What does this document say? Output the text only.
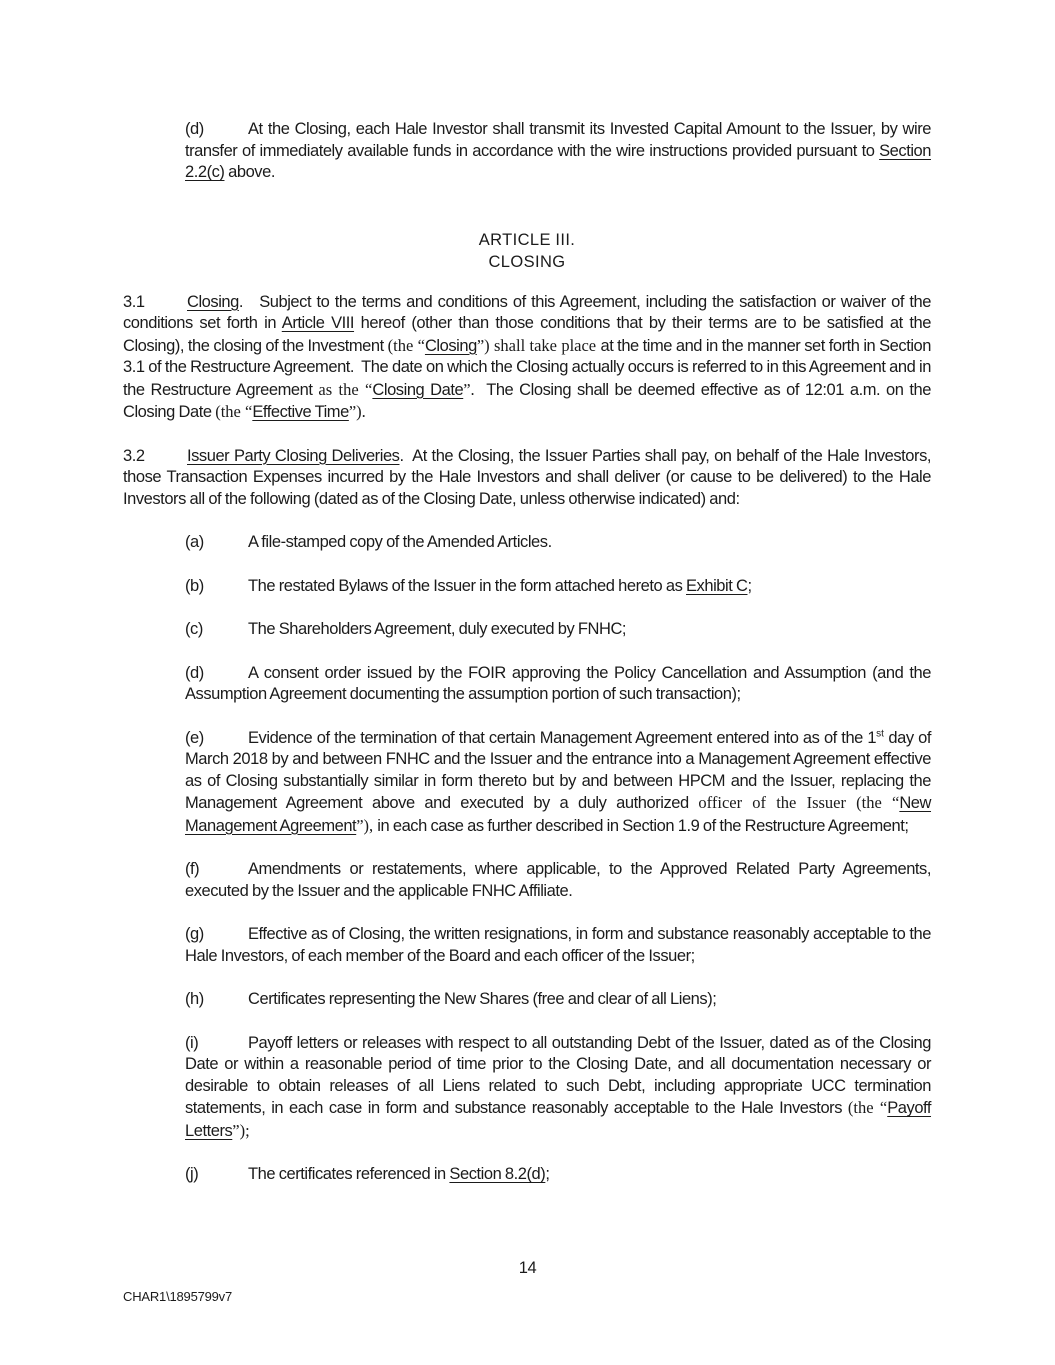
(d)	At the Closing, each Hale Investor shall transmit its Invested Capital Amount to the Issuer, by wire transfer of immediately available funds in accordance with the wire instructions provided pursuant to Section 2.2(c) above.

ARTICLE III.
CLOSING

3.1	Closing.   Subject to the terms and conditions of this Agreement, including the satisfaction or waiver of the conditions set forth in Article VIII hereof (other than those conditions that by their terms are to be satisfied at the Closing), the closing of the Investment (the “Closing”) shall take place at the time and in the manner set forth in Section 3.1 of the Restructure Agreement.  The date on which the Closing actually occurs is referred to in this Agreement and in the Restructure Agreement as the “Closing Date”.  The Closing shall be deemed effective as of 12:01 a.m. on the Closing Date (the “Effective Time”).

3.2	Issuer Party Closing Deliveries.  At the Closing, the Issuer Parties shall pay, on behalf of the Hale Investors, those Transaction Expenses incurred by the Hale Investors and shall deliver (or cause to be delivered) to the Hale Investors all of the following (dated as of the Closing Date, unless otherwise indicated) and:

(a)	A file-stamped copy of the Amended Articles.

(b)	The restated Bylaws of the Issuer in the form attached hereto as Exhibit C;

(c)	The Shareholders Agreement, duly executed by FNHC;

(d)	A consent order issued by the FOIR approving the Policy Cancellation and Assumption (and the Assumption Agreement documenting the assumption portion of such transaction);

(e)	Evidence of the termination of that certain Management Agreement entered into as of the 1st day of March 2018 by and between FNHC and the Issuer and the entrance into a Management Agreement effective as of Closing substantially similar in form thereto but by and between HPCM and the Issuer, replacing the Management Agreement above and executed by a duly authorized officer of the Issuer (the “New Management Agreement”), in each case as further described in Section 1.9 of the Restructure Agreement;

(f)	Amendments or restatements, where applicable, to the Approved Related Party Agreements, executed by the Issuer and the applicable FNHC Affiliate.

(g)	Effective as of Closing, the written resignations, in form and substance reasonably acceptable to the Hale Investors, of each member of the Board and each officer of the Issuer;

(h)	Certificates representing the New Shares (free and clear of all Liens);

(i)	Payoff letters or releases with respect to all outstanding Debt of the Issuer, dated as of the Closing Date or within a reasonable period of time prior to the Closing Date, and all documentation necessary or desirable to obtain releases of all Liens related to such Debt, including appropriate UCC termination statements, in each case in form and substance reasonably acceptable to the Hale Investors (the “Payoff Letters”);

(j)	The certificates referenced in Section 8.2(d);

14
CHAR1\1895799v7
